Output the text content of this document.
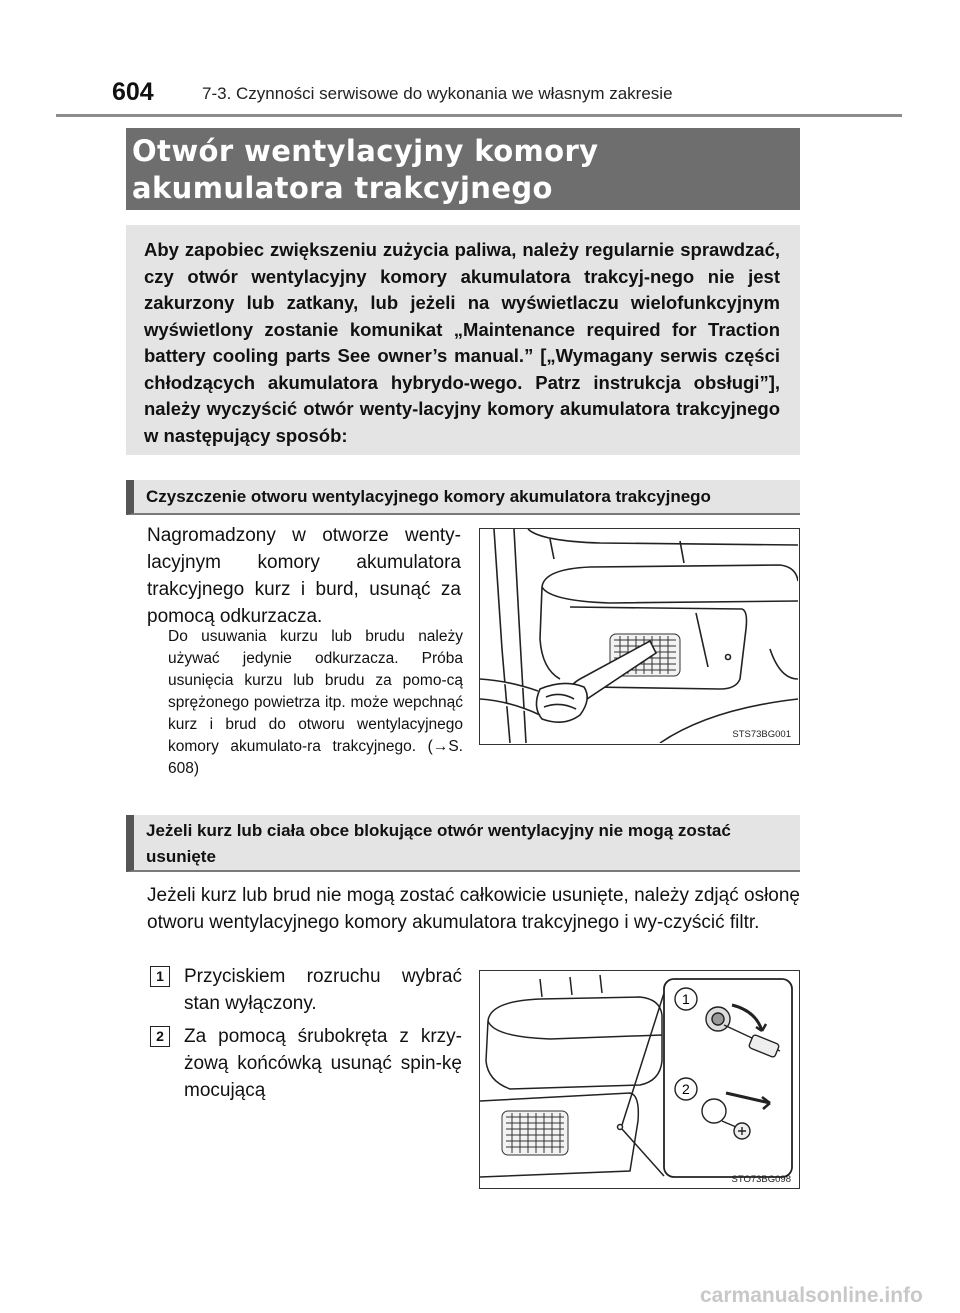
604	7-3. Czynności serwisowe do wykonania we własnym zakresie
Otwór wentylacyjny komory akumulatora trakcyjnego
Aby zapobiec zwiększeniu zużycia paliwa, należy regularnie sprawdzać, czy otwór wentylacyjny komory akumulatora trakcyj-nego nie jest zakurzony lub zatkany, lub jeżeli na wyświetlaczu wielofunkcyjnym wyświetlony zostanie komunikat „Maintenance required for Traction battery cooling parts See owner’s manual.” [„Wymagany serwis części chłodzących akumulatora hybrydo-wego. Patrz instrukcja obsługi”], należy wyczyścić otwór wenty-lacyjny komory akumulatora trakcyjnego w następujący sposób:
Czyszczenie otworu wentylacyjnego komory akumulatora trakcyjnego
Nagromadzony w otworze wenty-lacyjnym komory akumulatora trakcyjnego kurz i burd, usunąć za pomocą odkurzacza.
Do usuwania kurzu lub brudu należy używać jedynie odkurzacza. Próba usunięcia kurzu lub brudu za pomo-cą sprężonego powietrza itp. może wepchnąć kurz i brud do otworu wentylacyjnego komory akumulato-ra trakcyjnego. (→S. 608)
STS73BG001
Jeżeli kurz lub ciała obce blokujące otwór wentylacyjny nie mogą zostać usunięte
Jeżeli kurz lub brud nie mogą zostać całkowicie usunięte, należy zdjąć osłonę otworu wentylacyjnego komory akumulatora trakcyjnego i wy-czyścić filtr.
1	Przyciskiem rozruchu wybrać stan wyłączony.
2	Za pomocą śrubokręta z krzy-żową końcówką usunąć spin-kę mocującą
1
2
STO73BG098
carmanualsonline.info
